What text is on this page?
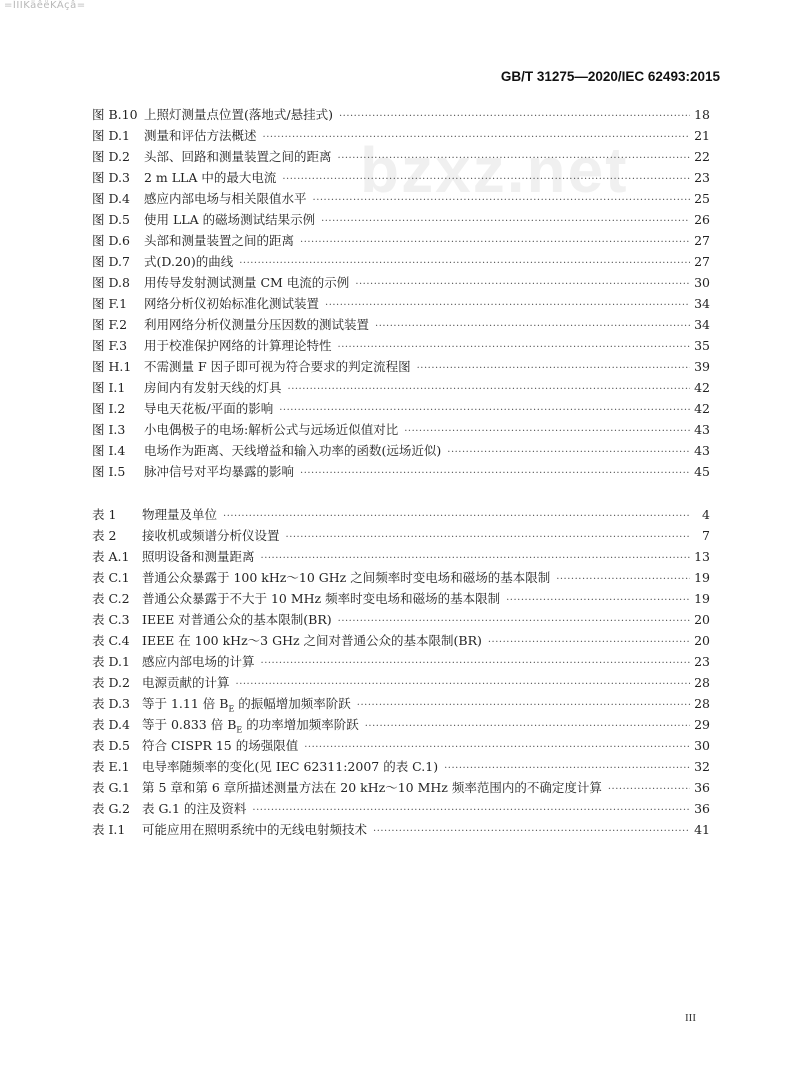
=ÍÏÏKäêëKÂçâ=
GB/T 31275—2020/IEC 62493:2015
bzxz.net
图 B.10 上照灯测量点位置(落地式/悬挂式) ·····	18
图 D.1	测量和评估方法概述 ·····	21
图 D.2	头部、回路和测量装置之间的距离 ·····	22
图 D.3	2 m LLA 中的最大电流 ·····	23
图 D.4	感应内部电场与相关限值水平 ·····	25
图 D.5	使用 LLA 的磁场测试结果示例 ·····	26
图 D.6	头部和测量装置之间的距离 ·····	27
图 D.7	式(D.20)的曲线 ·····	27
图 D.8	用传导发射测试测量 CM 电流的示例 ·····	30
图 F.1	网络分析仪初始标准化测试装置 ·····	34
图 F.2	利用网络分析仪测量分压因数的测试装置 ·····	34
图 F.3	用于校准保护网络的计算理论特性 ·····	35
图 H.1	不需测量 F 因子即可视为符合要求的判定流程图 ·····	39
图 I.1	房间内有发射天线的灯具 ·····	42
图 I.2	导电天花板/平面的影响 ·····	42
图 I.3	小电偶极子的电场:解析公式与远场近似值对比 ·····	43
图 I.4	电场作为距离、天线增益和输入功率的函数(远场近似) ·····	43
图 I.5	脉冲信号对平均暴露的影响 ·····	45
表 1	物理量及单位 ·····	4
表 2	接收机或频谱分析仪设置 ·····	7
表 A.1	照明设备和测量距离 ·····	13
表 C.1 普通公众暴露于 100 kHz～10 GHz 之间频率时变电场和磁场的基本限制 ·····	19
表 C.2 普通公众暴露于不大于 10 MHz 频率时变电场和磁场的基本限制 ·····	19
表 C.3 IEEE 对普通公众的基本限制(BR) ·····	20
表 C.4 IEEE 在 100 kHz～3 GHz 之间对普通公众的基本限制(BR) ·····	20
表 D.1 感应内部电场的计算 ·····	23
表 D.2 电源贡献的计算 ·····	28
表 D.3 等于 1.11 倍 $B_E$ 的振幅增加频率阶跃 ·····	28
表 D.4 等于 0.833 倍 $B_E$ 的功率增加频率阶跃 ·····	29
表 D.5 符合 CISPR 15 的场强限值 ·····	30
表 E.1 电导率随频率的变化(见 IEC 62311:2007 的表 C.1) ·····	32
表 G.1 第 5 章和第 6 章所描述测量方法在 20 kHz～10 MHz 频率范围内的不确定度计算 ·····	36
表 G.2 表 G.1 的注及资料 ·····	36
表 I.1	可能应用在照明系统中的无线电射频技术 ·····	41
III
